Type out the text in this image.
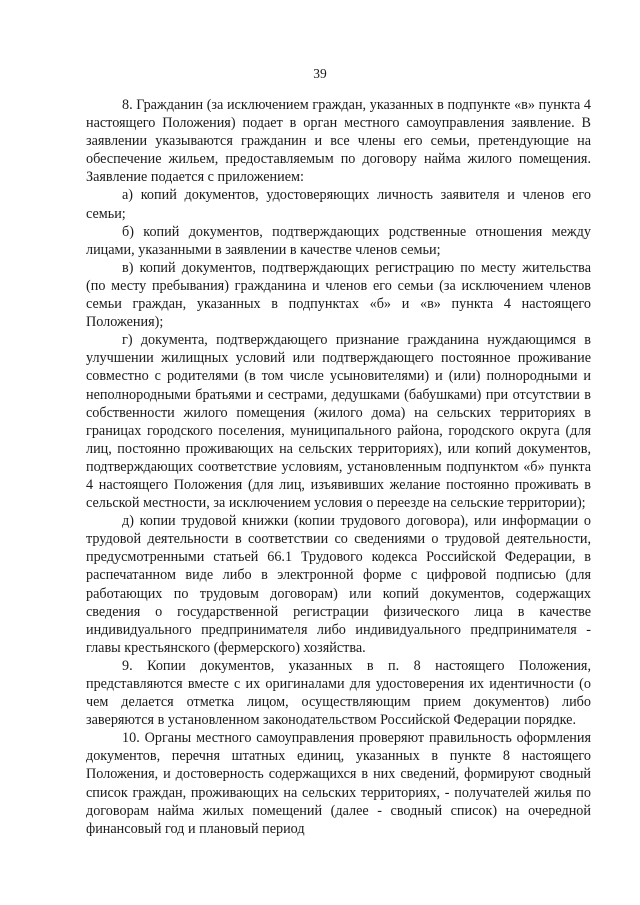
39

8. Гражданин (за исключением граждан, указанных в подпункте «в» пункта 4 настоящего Положения) подает в орган местного самоуправления заявление. В заявлении указываются гражданин и все члены его семьи, претендующие на обеспечение жильем, предоставляемым по договору найма жилого помещения. Заявление подается с приложением:

а) копий документов, удостоверяющих личность заявителя и членов его семьи;

б) копий документов, подтверждающих родственные отношения между лицами, указанными в заявлении в качестве членов семьи;

в) копий документов, подтверждающих регистрацию по месту жительства (по месту пребывания) гражданина и членов его семьи (за исключением членов семьи граждан, указанных в подпунктах «б» и «в» пункта 4 настоящего Положения);

г) документа, подтверждающего признание гражданина нуждающимся в улучшении жилищных условий или подтверждающего постоянное проживание совместно с родителями (в том числе усыновителями) и (или) полнородными и неполнородными братьями и сестрами, дедушками (бабушками) при отсутствии в собственности жилого помещения (жилого дома) на сельских территориях в границах городского поселения, муниципального района, городского округа (для лиц, постоянно проживающих на сельских территориях), или копий документов, подтверждающих соответствие условиям, установленным подпунктом «б» пункта 4 настоящего Положения (для лиц, изъявивших желание постоянно проживать в сельской местности, за исключением условия о переезде на сельские территории);

д) копии трудовой книжки (копии трудового договора), или информации о трудовой деятельности в соответствии со сведениями о трудовой деятельности, предусмотренными статьей 66.1 Трудового кодекса Российской Федерации, в распечатанном виде либо в электронной форме с цифровой подписью (для работающих по трудовым договорам) или копий документов, содержащих сведения о государственной регистрации физического лица в качестве индивидуального предпринимателя либо индивидуального предпринимателя - главы крестьянского (фермерского) хозяйства.

9. Копии документов, указанных в п. 8 настоящего Положения, представляются вместе с их оригиналами для удостоверения их идентичности (о чем делается отметка лицом, осуществляющим прием документов) либо заверяются в установленном законодательством Российской Федерации порядке.

10. Органы местного самоуправления проверяют правильность оформления документов, перечня штатных единиц, указанных в пункте 8 настоящего Положения, и достоверность содержащихся в них сведений, формируют сводный список граждан, проживающих на сельских территориях, - получателей жилья по договорам найма жилых помещений (далее - сводный список) на очередной финансовый год и плановый период
